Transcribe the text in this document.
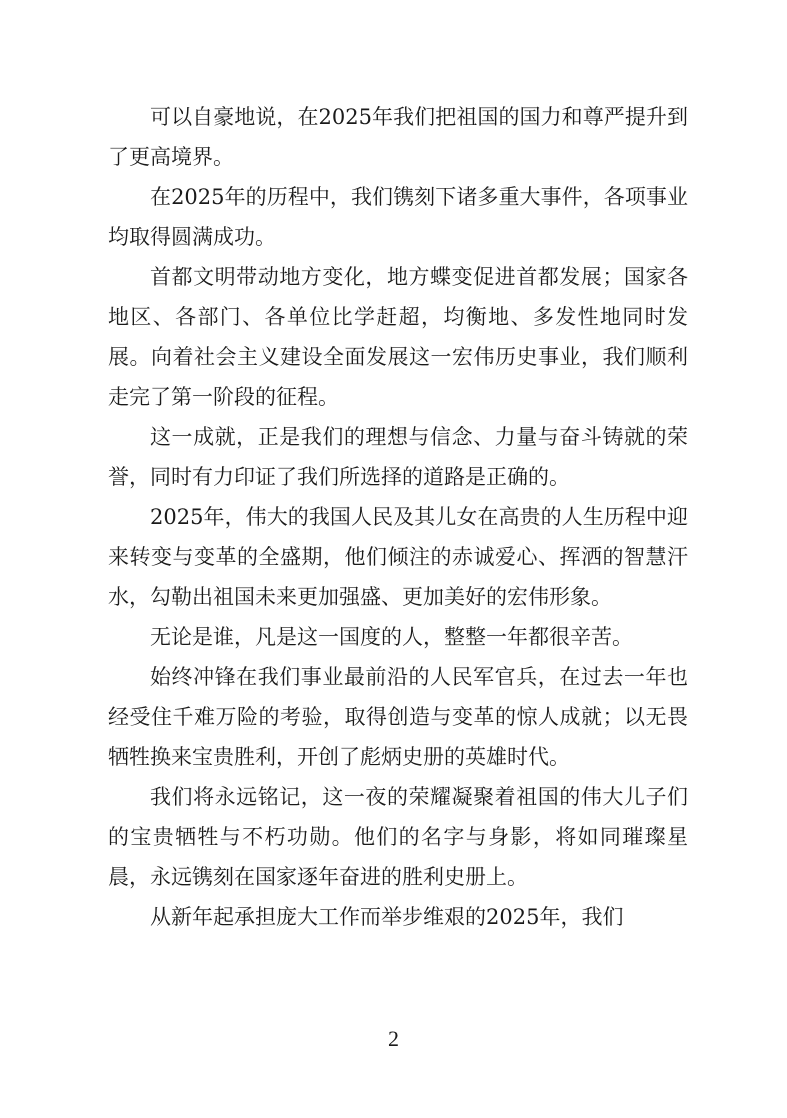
可以自豪地说，在2025年我们把祖国的国力和尊严提升到了更高境界。

在2025年的历程中，我们镌刻下诸多重大事件，各项事业均取得圆满成功。

首都文明带动地方变化，地方蝶变促进首都发展；国家各地区、各部门、各单位比学赶超，均衡地、多发性地同时发展。向着社会主义建设全面发展这一宏伟历史事业，我们顺利走完了第一阶段的征程。

这一成就，正是我们的理想与信念、力量与奋斗铸就的荣誉，同时有力印证了我们所选择的道路是正确的。

2025年，伟大的我国人民及其儿女在高贵的人生历程中迎来转变与变革的全盛期，他们倾注的赤诚爱心、挥洒的智慧汗水，勾勒出祖国未来更加强盛、更加美好的宏伟形象。

无论是谁，凡是这一国度的人，整整一年都很辛苦。

始终冲锋在我们事业最前沿的人民军官兵，在过去一年也经受住千难万险的考验，取得创造与变革的惊人成就；以无畏牺牲换来宝贵胜利，开创了彪炳史册的英雄时代。

我们将永远铭记，这一夜的荣耀凝聚着祖国的伟大儿子们的宝贵牺牲与不朽功勋。他们的名字与身影，将如同璀璨星晨，永远镌刻在国家逐年奋进的胜利史册上。

从新年起承担庞大工作而举步维艰的2025年，我们

2
